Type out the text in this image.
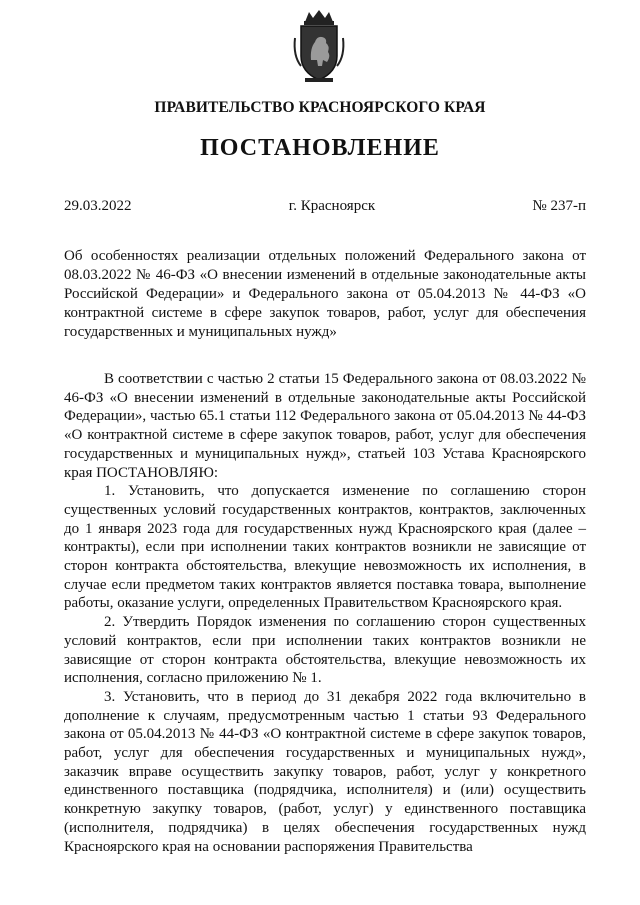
ПРАВИТЕЛЬСТВО КРАСНОЯРСКОГО КРАЯ
ПОСТАНОВЛЕНИЕ
29.03.2022	г. Красноярск	№ 237-п
Об особенностях реализации отдельных положений Федерального закона от 08.03.2022 № 46-ФЗ «О внесении изменений в отдельные законодательные акты Российской Федерации» и Федерального закона от 05.04.2013 № 44-ФЗ «О контрактной системе в сфере закупок товаров, работ, услуг для обеспечения государственных и муниципальных нужд»

В соответствии с частью 2 статьи 15 Федерального закона от 08.03.2022 № 46-ФЗ «О внесении изменений в отдельные законодательные акты Российской Федерации», частью 65.1 статьи 112 Федерального закона от 05.04.2013 № 44-ФЗ «О контрактной системе в сфере закупок товаров, работ, услуг для обеспечения государственных и муниципальных нужд», статьей 103 Устава Красноярского края ПОСТАНОВЛЯЮ:

1. Установить, что допускается изменение по соглашению сторон существенных условий государственных контрактов, контрактов, заключенных до 1 января 2023 года для государственных нужд Красноярского края (далее – контракты), если при исполнении таких контрактов возникли не зависящие от сторон контракта обстоятельства, влекущие невозможность их исполнения, в случае если предметом таких контрактов является поставка товара, выполнение работы, оказание услуги, определенных Правительством Красноярского края.

2. Утвердить Порядок изменения по соглашению сторон существенных условий контрактов, если при исполнении таких контрактов возникли не зависящие от сторон контракта обстоятельства, влекущие невозможность их исполнения, согласно приложению № 1.

3. Установить, что в период до 31 декабря 2022 года включительно в дополнение к случаям, предусмотренным частью 1 статьи 93 Федерального закона от 05.04.2013 № 44-ФЗ «О контрактной системе в сфере закупок товаров, работ, услуг для обеспечения государственных и муниципальных нужд», заказчик вправе осуществить закупку товаров, работ, услуг у конкретного единственного поставщика (подрядчика, исполнителя) и (или) осуществить конкретную закупку товаров, (работ, услуг) у единственного поставщика (исполнителя, подрядчика) в целях обеспечения государственных нужд Красноярского края на основании распоряжения Правительства
